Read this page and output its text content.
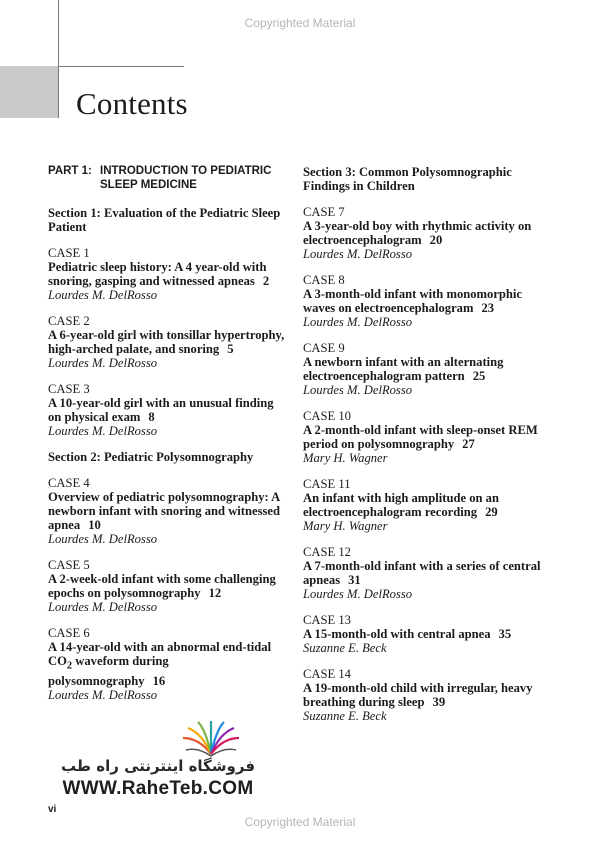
Copyrighted Material
Contents
PART 1: INTRODUCTION TO PEDIATRIC SLEEP MEDICINE
Section 1: Evaluation of the Pediatric Sleep Patient
CASE 1
Pediatric sleep history: A 4 year-old with snoring, gasping and witnessed apneas 2
Lourdes M. DelRosso
CASE 2
A 6-year-old girl with tonsillar hypertrophy, high-arched palate, and snoring 5
Lourdes M. DelRosso
CASE 3
A 10-year-old girl with an unusual finding on physical exam 8
Lourdes M. DelRosso
Section 2: Pediatric Polysomnography
CASE 4
Overview of pediatric polysomnography: A newborn infant with snoring and witnessed apnea 10
Lourdes M. DelRosso
CASE 5
A 2-week-old infant with some challenging epochs on polysomnography 12
Lourdes M. DelRosso
CASE 6
A 14-year-old with an abnormal end-tidal $CO_2$ waveform during polysomnography 16
Lourdes M. DelRosso
Section 3: Common Polysomnographic Findings in Children
CASE 7
A 3-year-old boy with rhythmic activity on electroencephalogram 20
Lourdes M. DelRosso
CASE 8
A 3-month-old infant with monomorphic waves on electroencephalogram 23
Lourdes M. DelRosso
CASE 9
A newborn infant with an alternating electroencephalogram pattern 25
Lourdes M. DelRosso
CASE 10
A 2-month-old infant with sleep-onset REM period on polysomnography 27
Mary H. Wagner
CASE 11
An infant with high amplitude on an electroencephalogram recording 29
Mary H. Wagner
CASE 12
A 7-month-old infant with a series of central apneas 31
Lourdes M. DelRosso
CASE 13
A 15-month-old with central apnea 35
Suzanne E. Beck
CASE 14
A 19-month-old child with irregular, heavy breathing during sleep 39
Suzanne E. Beck
فروشگاه اینترنتی راه طب
WWW.RaheTeb.COM
vi
Copyrighted Material
